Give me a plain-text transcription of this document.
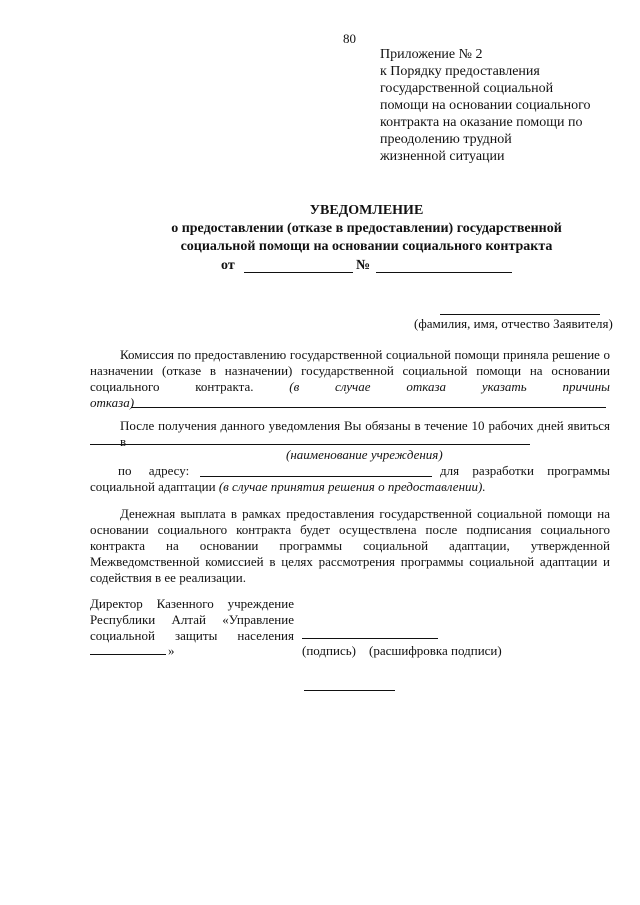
80
Приложение № 2
к Порядку предоставления
государственной социальной
помощи на основании социального
контракта на оказание помощи по
преодолению трудной
жизненной ситуации
УВЕДОМЛЕНИЕ
о предоставлении (отказе в предоставлении) государственной
социальной помощи на основании социального контракта
от	№
(фамилия, имя, отчество Заявителя)
Комиссия по предоставлению государственной социальной помощи приняла решение о
назначении (отказе в назначении) государственной социальной помощи на основании
социального	контракта.	(в	случае	отказа	указать	причины
отказа)
После получения данного уведомления Вы обязаны в течение 10 рабочих дней явиться в
(наименование учреждения)
по адресу:	для разработки программы
социальной адаптации (в случае принятия решения о предоставлении).
Денежная выплата в рамках предоставления государственной социальной помощи на
основании социального контракта будет осуществлена после подписания социального
контракта на основании программы социальной адаптации, утвержденной
Межведомственной комиссией в целях рассмотрения программы социальной адаптации и
содействия в ее реализации.
Директор Казенного учреждение
Республики Алтай «Управление
социальной защиты населения
»	(подпись) (расшифровка подписи)
